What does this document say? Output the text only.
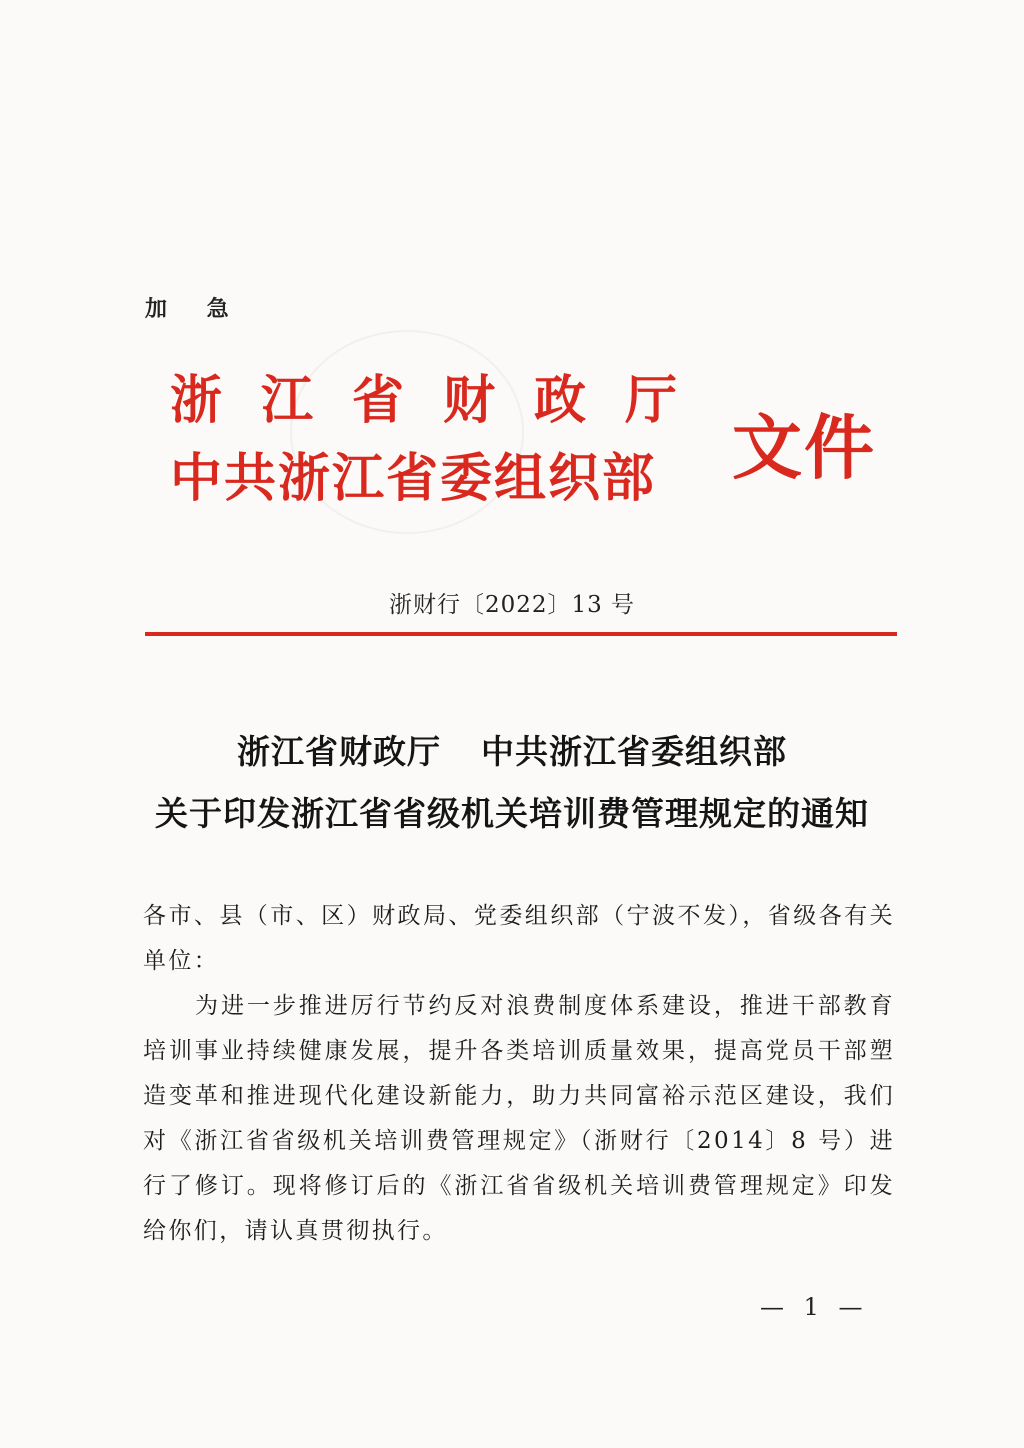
加 急
浙江省财政厅
中共浙江省委组织部 文件
浙财行〔2022〕13 号
浙江省财政厅 中共浙江省委组织部
关于印发浙江省省级机关培训费管理规定的通知

各市、县（市、区）财政局、党委组织部（宁波不发），省级各有关单位：

为进一步推进厉行节约反对浪费制度体系建设，推进干部教育培训事业持续健康发展，提升各类培训质量效果，提高党员干部塑造变革和推进现代化建设新能力，助力共同富裕示范区建设，我们对《浙江省省级机关培训费管理规定》（浙财行〔2014〕8 号）进行了修订。现将修订后的《浙江省省级机关培训费管理规定》印发给你们，请认真贯彻执行。

— 1 —
